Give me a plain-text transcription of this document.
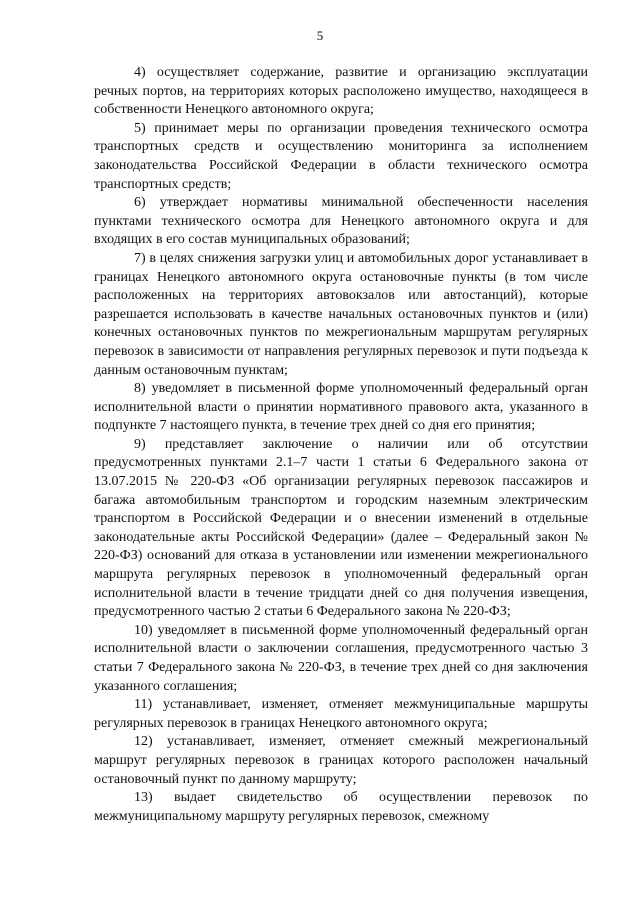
5

4) осуществляет содержание, развитие и организацию эксплуатации речных портов, на территориях которых расположено имущество, находящееся в собственности Ненецкого автономного округа;

5) принимает меры по организации проведения технического осмотра транспортных средств и осуществлению мониторинга за исполнением законодательства Российской Федерации в области технического осмотра транспортных средств;

6) утверждает нормативы минимальной обеспеченности населения пунктами технического осмотра для Ненецкого автономного округа и для входящих в его состав муниципальных образований;

7) в целях снижения загрузки улиц и автомобильных дорог устанавливает в границах Ненецкого автономного округа остановочные пункты (в том числе расположенных на территориях автовокзалов или автостанций), которые разрешается использовать в качестве начальных остановочных пунктов и (или) конечных остановочных пунктов по межрегиональным маршрутам регулярных перевозок в зависимости от направления регулярных перевозок и пути подъезда к данным остановочным пунктам;

8) уведомляет в письменной форме уполномоченный федеральный орган исполнительной власти о принятии нормативного правового акта, указанного в подпункте 7 настоящего пункта, в течение трех дней со дня его принятия;

9) представляет заключение о наличии или об отсутствии предусмотренных пунктами 2.1–7 части 1 статьи 6 Федерального закона от 13.07.2015 № 220-ФЗ «Об организации регулярных перевозок пассажиров и багажа автомобильным транспортом и городским наземным электрическим транспортом в Российской Федерации и о внесении изменений в отдельные законодательные акты Российской Федерации» (далее – Федеральный закон № 220-ФЗ) оснований для отказа в установлении или изменении межрегионального маршрута регулярных перевозок в уполномоченный федеральный орган исполнительной власти в течение тридцати дней со дня получения извещения, предусмотренного частью 2 статьи 6 Федерального закона № 220-ФЗ;

10) уведомляет в письменной форме уполномоченный федеральный орган исполнительной власти о заключении соглашения, предусмотренного частью 3 статьи 7 Федерального закона № 220-ФЗ, в течение трех дней со дня заключения указанного соглашения;

11) устанавливает, изменяет, отменяет межмуниципальные маршруты регулярных перевозок в границах Ненецкого автономного округа;

12) устанавливает, изменяет, отменяет смежный межрегиональный маршрут регулярных перевозок в границах которого расположен начальный остановочный пункт по данному маршруту;

13) выдает свидетельство об осуществлении перевозок по межмуниципальному маршруту регулярных перевозок, смежному
